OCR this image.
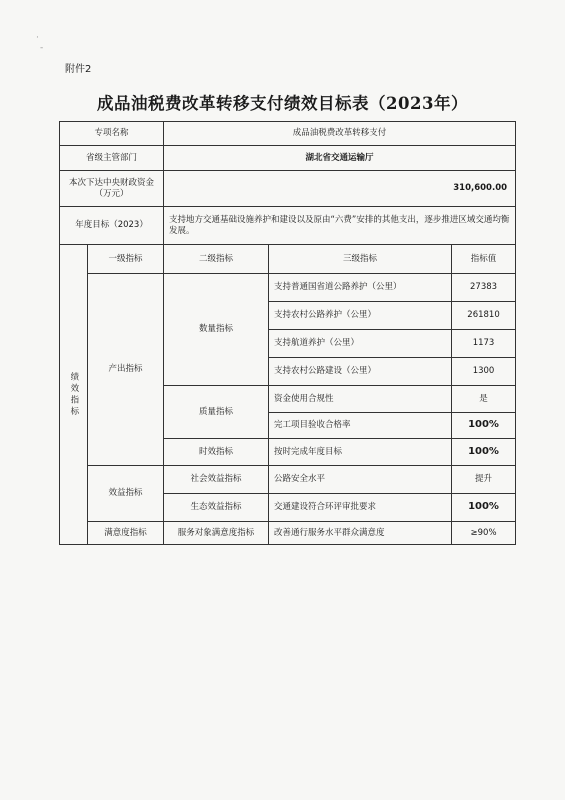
·
-
附件2
成品油税费改革转移支付绩效目标表（2023年）
专项名称		成品油税费改革转移支付		
省级主管部门		湖北省交通运输厅		
本次下达中央财政资金（万元）		310,600.00		
年度目标（2023）		支持地方交通基础设施养护和建设以及原由“六费”安排的其他支出，逐步推进区域交通均衡发展。		

绩效指标	一级指标	二级指标	三级指标	指标值
	产出指标	数量指标	支持普通国省道公路养护（公里）	27383
			支持农村公路养护（公里）	261810
			支持航道养护（公里）	1173
			支持农村公路建设（公里）	1300
		质量指标	资金使用合规性	是
			完工项目验收合格率	100%
		时效指标	按时完成年度目标	100%
	效益指标	社会效益指标	公路安全水平	提升
		生态效益指标	交通建设符合环评审批要求	100%
	满意度指标	服务对象满意度指标	改善通行服务水平群众满意度	≥90%
